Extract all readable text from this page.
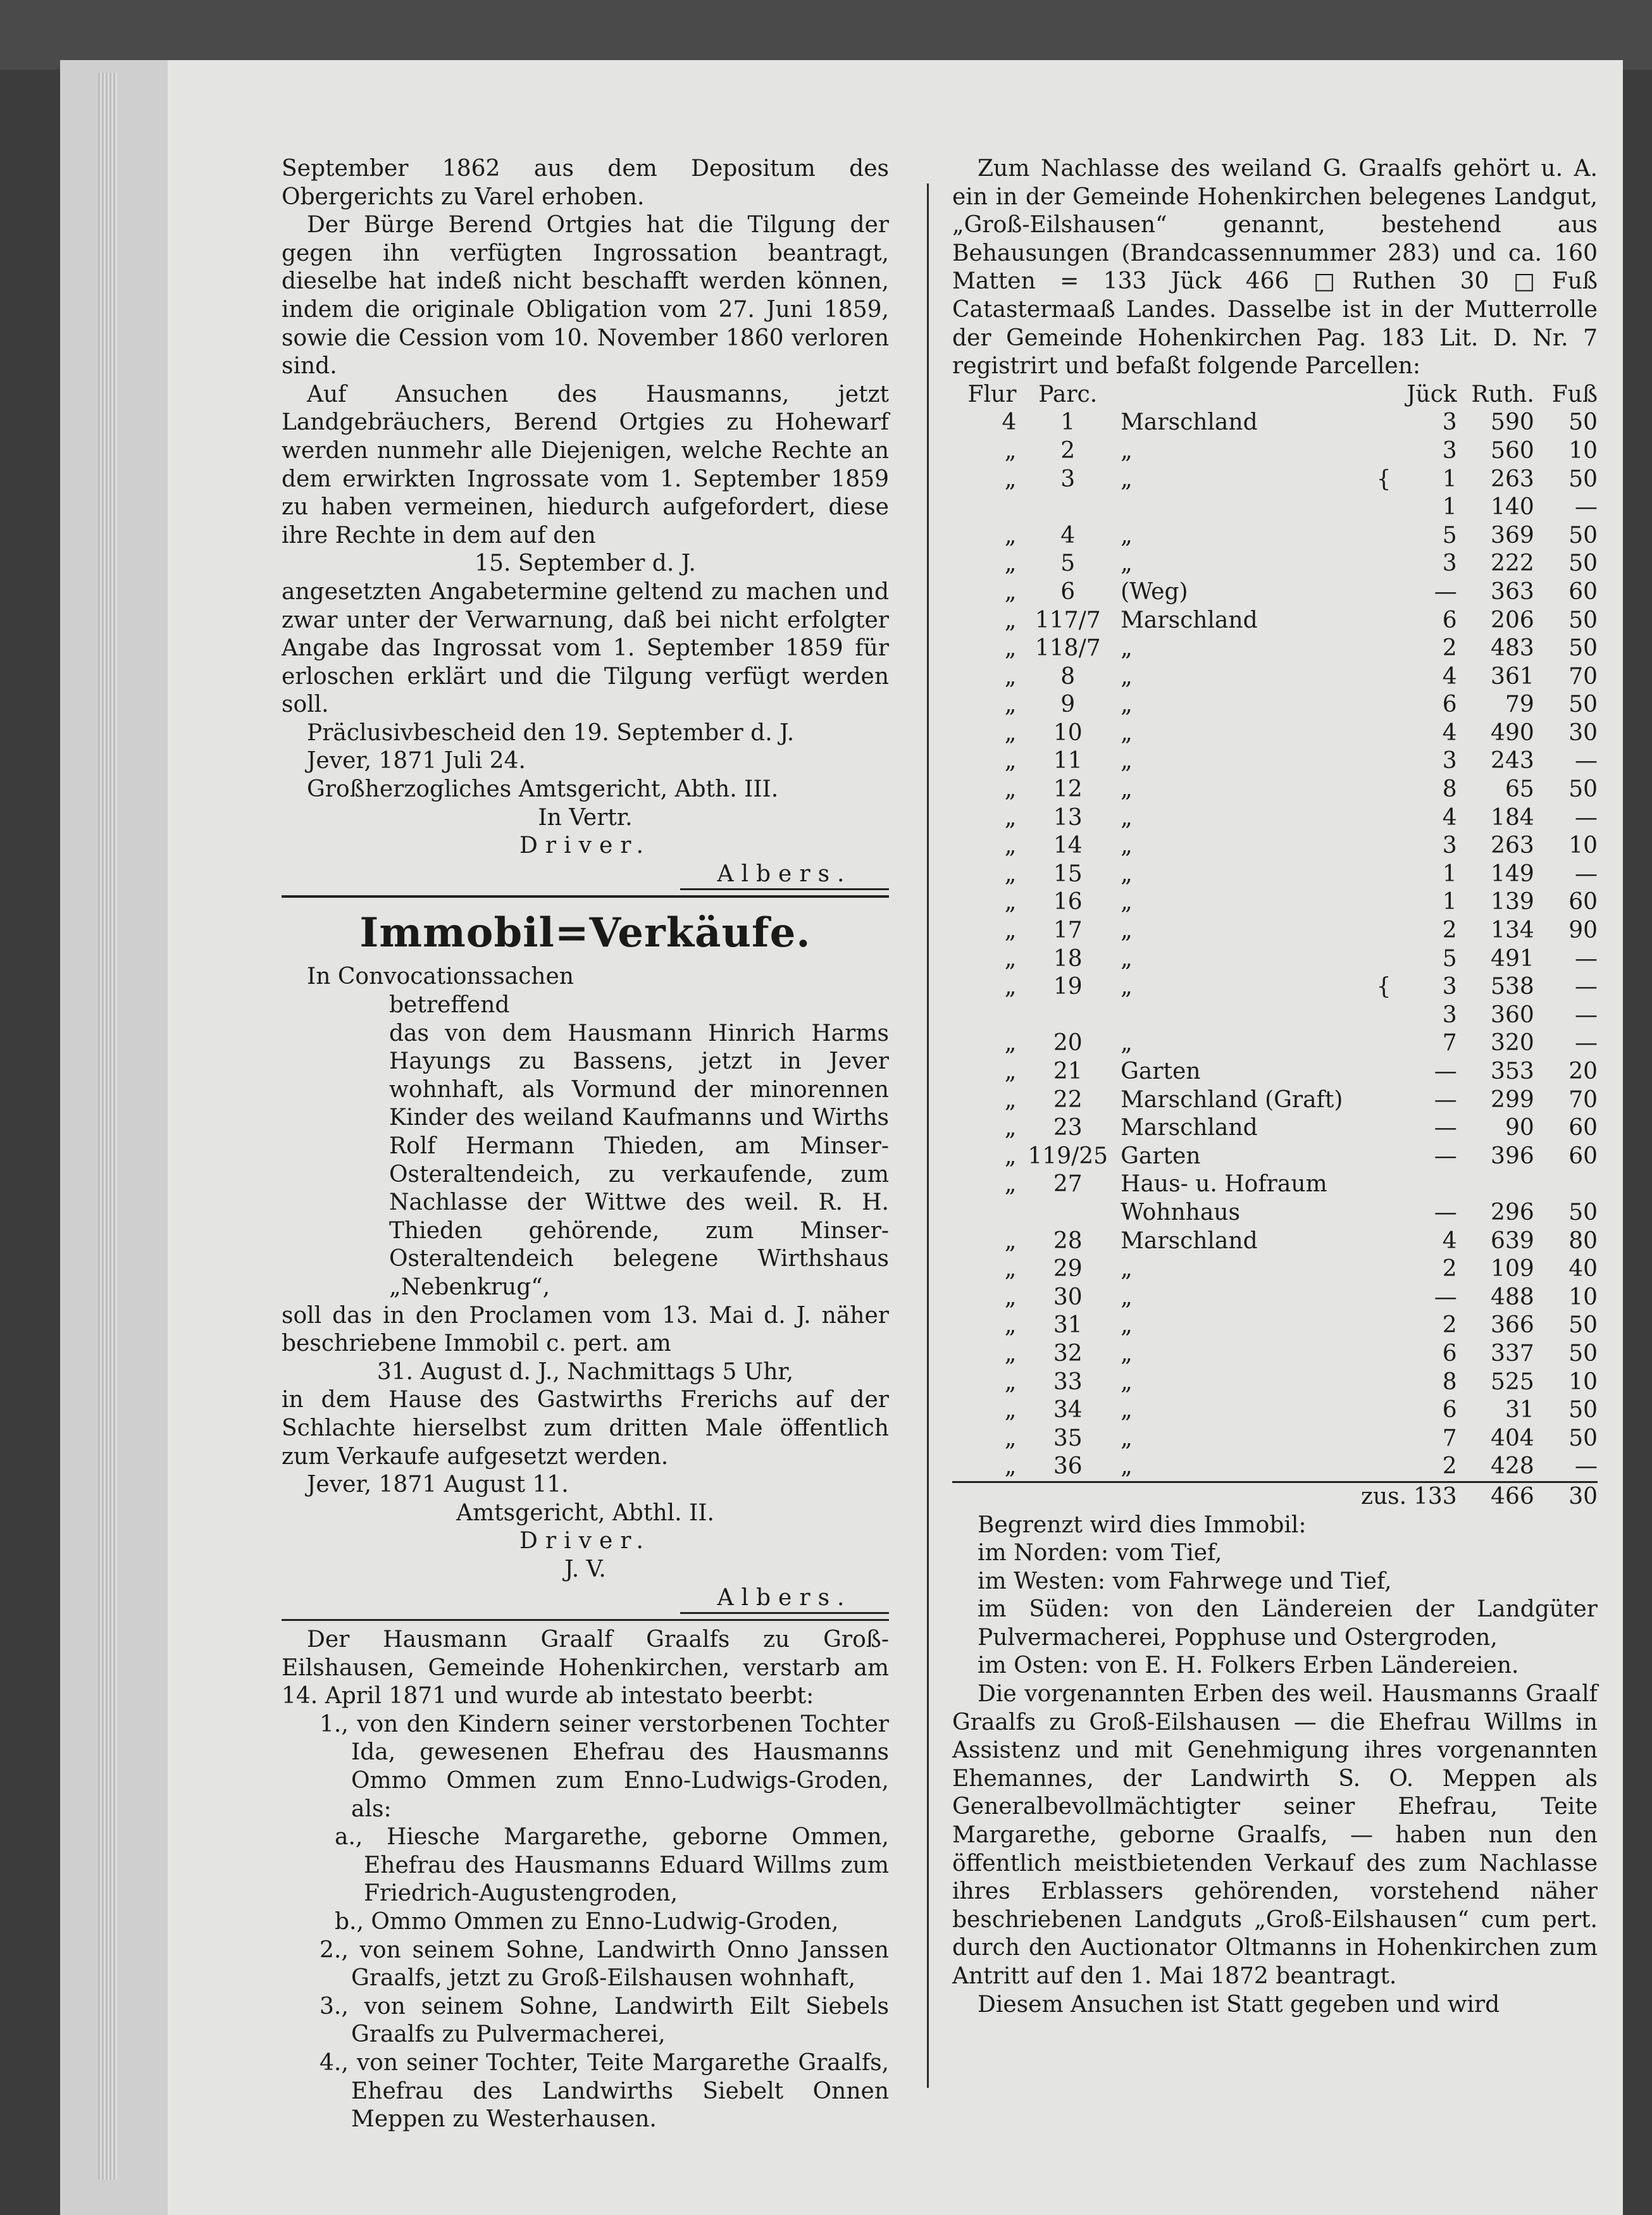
September 1862 aus dem Depositum des Obergerichts zu Varel erhoben.

Der Bürge Berend Ortgies hat die Tilgung der gegen ihn verfügten Ingrossation beantragt, dieselbe hat indeß nicht beschafft werden können, indem die originale Obligation vom 27. Juni 1859, sowie die Cession vom 10. November 1860 verloren sind.

Auf Ansuchen des Hausmanns, jetzt Landgebräuchers, Berend Ortgies zu Hohewarf werden nunmehr alle Diejenigen, welche Rechte an dem erwirkten Ingrossate vom 1. September 1859 zu haben vermeinen, hiedurch aufgefordert, diese ihre Rechte in dem auf den

15. September d. J.

angesetzten Angabetermine geltend zu machen und zwar unter der Verwarnung, daß bei nicht erfolgter Angabe das Ingrossat vom 1. September 1859 für erloschen erklärt und die Tilgung verfügt werden soll.

Präclusivbescheid den 19. September d. J.

Jever, 1871 Juli 24.

Großherzogliches Amtsgericht, Abth. III.

In Vertr.

Driver.

Albers.

Immobil=Verkäufe.

In Convocationssachen

betreffend

das von dem Hausmann Hinrich Harms Hayungs zu Bassens, jetzt in Jever wohnhaft, als Vormund der minorennen Kinder des weiland Kaufmanns und Wirths Rolf Hermann Thieden, am Minser-Osteraltendeich, zu verkaufende, zum Nachlasse der Wittwe des weil. R. H. Thieden gehörende, zum Minser-Osteraltendeich belegene Wirthshaus „Nebenkrug“,

soll das in den Proclamen vom 13. Mai d. J. näher beschriebene Immobil c. pert. am

31. August d. J., Nachmittags 5 Uhr,

in dem Hause des Gastwirths Frerichs auf der Schlachte hierselbst zum dritten Male öffentlich zum Verkaufe aufgesetzt werden.

Jever, 1871 August 11.

Amtsgericht, Abthl. II.

Driver.

J. V.

Albers.

Der Hausmann Graalf Graalfs zu Groß-Eilshausen, Gemeinde Hohenkirchen, verstarb am 14. April 1871 und wurde ab intestato beerbt:

1., von den Kindern seiner verstorbenen Tochter Ida, gewesenen Ehefrau des Hausmanns Ommo Ommen zum Enno-Ludwigs-Groden, als:

a., Hiesche Margarethe, geborne Ommen, Ehefrau des Hausmanns Eduard Willms zum Friedrich-Augustengroden,

b., Ommo Ommen zu Enno-Ludwig-Groden,

2., von seinem Sohne, Landwirth Onno Janssen Graalfs, jetzt zu Groß-Eilshausen wohnhaft,

3., von seinem Sohne, Landwirth Eilt Siebels Graalfs zu Pulvermacherei,

4., von seiner Tochter, Teite Margarethe Graalfs, Ehefrau des Landwirths Siebelt Onnen Meppen zu Westerhausen.

Zum Nachlasse des weiland G. Graalfs gehört u. A. ein in der Gemeinde Hohenkirchen belegenes Landgut, „Groß-Eilshausen“ genannt, bestehend aus Behausungen (Brandcassennummer 283) und ca. 160 Matten = 133 Jück 466 □Ruthen 30 □Fuß Catastermaaß Landes. Dasselbe ist in der Mutterrolle der Gemeinde Hohenkirchen Pag. 183 Lit. D. Nr. 7 registrirt und befaßt folgende Parcellen:

Flur	Parc.			Jück	Ruth.	Fuß
4	1	Marschland		3	590	50
„	2	„		3	560	10
„	3	„	{	1	263	50
				1	140	—
„	4	„		5	369	50
„	5	„		3	222	50
„	6	(Weg)		—	363	60
„	117/7	Marschland		6	206	50
„	118/7	„		2	483	50
„	8	„		4	361	70
„	9	„		6	79	50
„	10	„		4	490	30
„	11	„		3	243	—
„	12	„		8	65	50
„	13	„		4	184	—
„	14	„		3	263	10
„	15	„		1	149	—
„	16	„		1	139	60
„	17	„		2	134	90
„	18	„		5	491	—
„	19	„	{	3	538	—
				3	360	—
„	20	„		7	320	—
„	21	Garten		—	353	20
„	22	Marschland (Graft)		—	299	70
„	23	Marschland		—	90	60
„	119/25	Garten		—	396	60
„	27	Haus- u. Hofraum				
		Wohnhaus		—	296	50
„	28	Marschland		4	639	80
„	29	„		2	109	40
„	30	„		—	488	10
„	31	„		2	366	50
„	32	„		6	337	50
„	33	„		8	525	10
„	34	„		6	31	50
„	35	„		7	404	50
„	36	„		2	428	—
			zus.	133	466	30

Begrenzt wird dies Immobil:

im Norden: vom Tief,

im Westen: vom Fahrwege und Tief,

im Süden: von den Ländereien der Landgüter Pulvermacherei, Popphuse und Ostergroden,

im Osten: von E. H. Folkers Erben Ländereien.

Die vorgenannten Erben des weil. Hausmanns Graalf Graalfs zu Groß-Eilshausen — die Ehefrau Willms in Assistenz und mit Genehmigung ihres vorgenannten Ehemannes, der Landwirth S. O. Meppen als Generalbevollmächtigter seiner Ehefrau, Teite Margarethe, geborne Graalfs, — haben nun den öffentlich meistbietenden Verkauf des zum Nachlasse ihres Erblassers gehörenden, vorstehend näher beschriebenen Landguts „Groß-Eilshausen“ cum pert. durch den Auctionator Oltmanns in Hohenkirchen zum Antritt auf den 1. Mai 1872 beantragt.

Diesem Ansuchen ist Statt gegeben und wird
